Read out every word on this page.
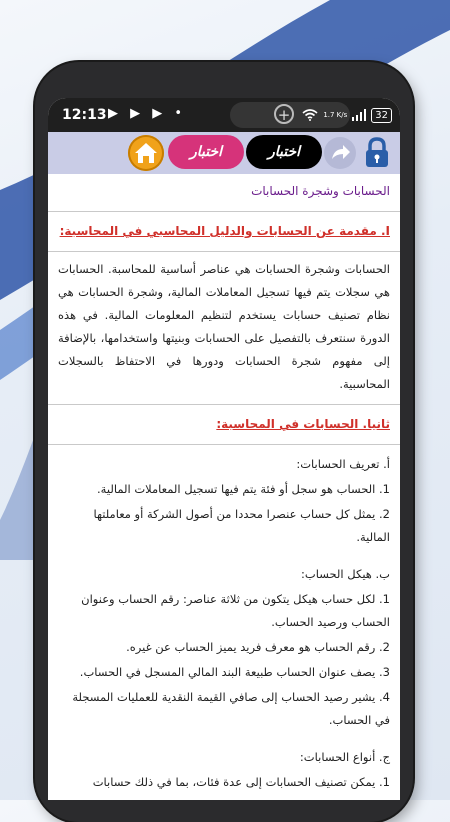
12:13 ▶ ▶ ▶ •	+	1.7 K/s	32
اختبار	اختبار
الحسابات وشجرة الحسابات
I. مقدمة عن الحسابات والدليل المحاسبي في المحاسبة:
الحسابات وشجرة الحسابات هي عناصر أساسية للمحاسبة. الحسابات هي سجلات يتم فيها تسجيل المعاملات المالية، وشجرة الحسابات هي نظام تصنيف حسابات يستخدم لتنظيم المعلومات المالية. في هذه الدورة سنتعرف بالتفصيل على الحسابات وبنيتها واستخدامها، بالإضافة إلى مفهوم شجرة الحسابات ودورها في الاحتفاظ بالسجلات المحاسبية.
ثانيا. الحسابات في المحاسبة:
أ. تعريف الحسابات:
1. الحساب هو سجل أو فئة يتم فيها تسجيل المعاملات المالية.
2. يمثل كل حساب عنصرا محددا من أصول الشركة أو معاملتها المالية.
ب. هيكل الحساب:
1. لكل حساب هيكل يتكون من ثلاثة عناصر: رقم الحساب وعنوان الحساب ورصيد الحساب.
2. رقم الحساب هو معرف فريد يميز الحساب عن غيره.
3. يصف عنوان الحساب طبيعة البند المالي المسجل في الحساب.
4. يشير رصيد الحساب إلى صافي القيمة النقدية للعمليات المسجلة في الحساب.
ج. أنواع الحسابات:
1. يمكن تصنيف الحسابات إلى عدة فئات، بما في ذلك حسابات
